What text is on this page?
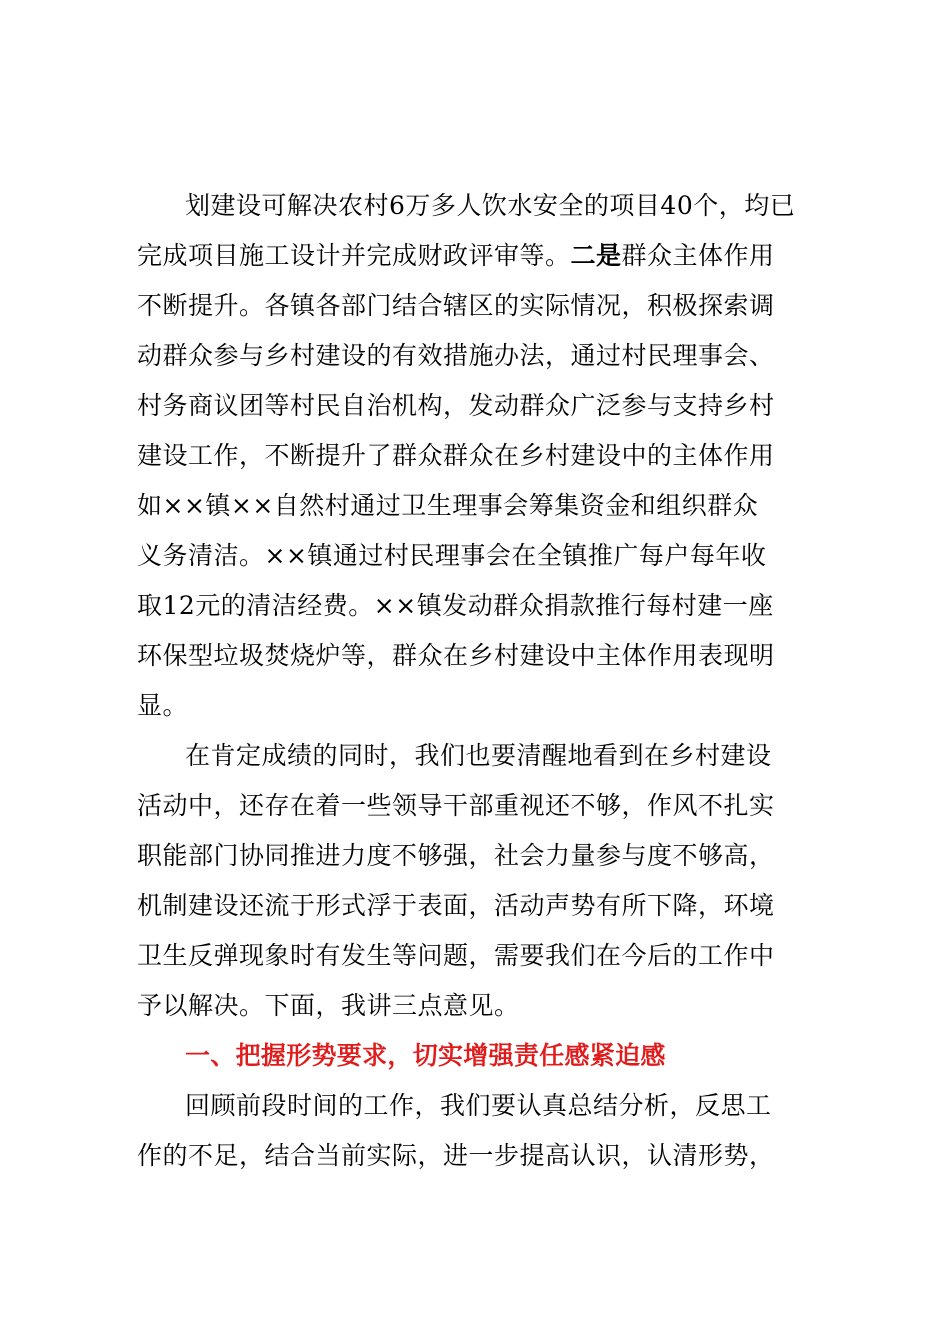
划建设可解决农村6万多人饮水安全的项目40个，均已
完成项目施工设计并完成财政评审等。二是群众主体作用
不断提升。各镇各部门结合辖区的实际情况，积极探索调
动群众参与乡村建设的有效措施办法，通过村民理事会、
村务商议团等村民自治机构，发动群众广泛参与支持乡村
建设工作，不断提升了群众群众在乡村建设中的主体作用
如××镇××自然村通过卫生理事会筹集资金和组织群众
义务清洁。××镇通过村民理事会在全镇推广每户每年收
取12元的清洁经费。××镇发动群众捐款推行每村建一座
环保型垃圾焚烧炉等，群众在乡村建设中主体作用表现明
显。
在肯定成绩的同时，我们也要清醒地看到在乡村建设
活动中，还存在着一些领导干部重视还不够，作风不扎实
职能部门协同推进力度不够强，社会力量参与度不够高，
机制建设还流于形式浮于表面，活动声势有所下降，环境
卫生反弹现象时有发生等问题，需要我们在今后的工作中
予以解决。下面，我讲三点意见。
一、把握形势要求，切实增强责任感紧迫感
回顾前段时间的工作，我们要认真总结分析，反思工
作的不足，结合当前实际，进一步提高认识，认清形势，
